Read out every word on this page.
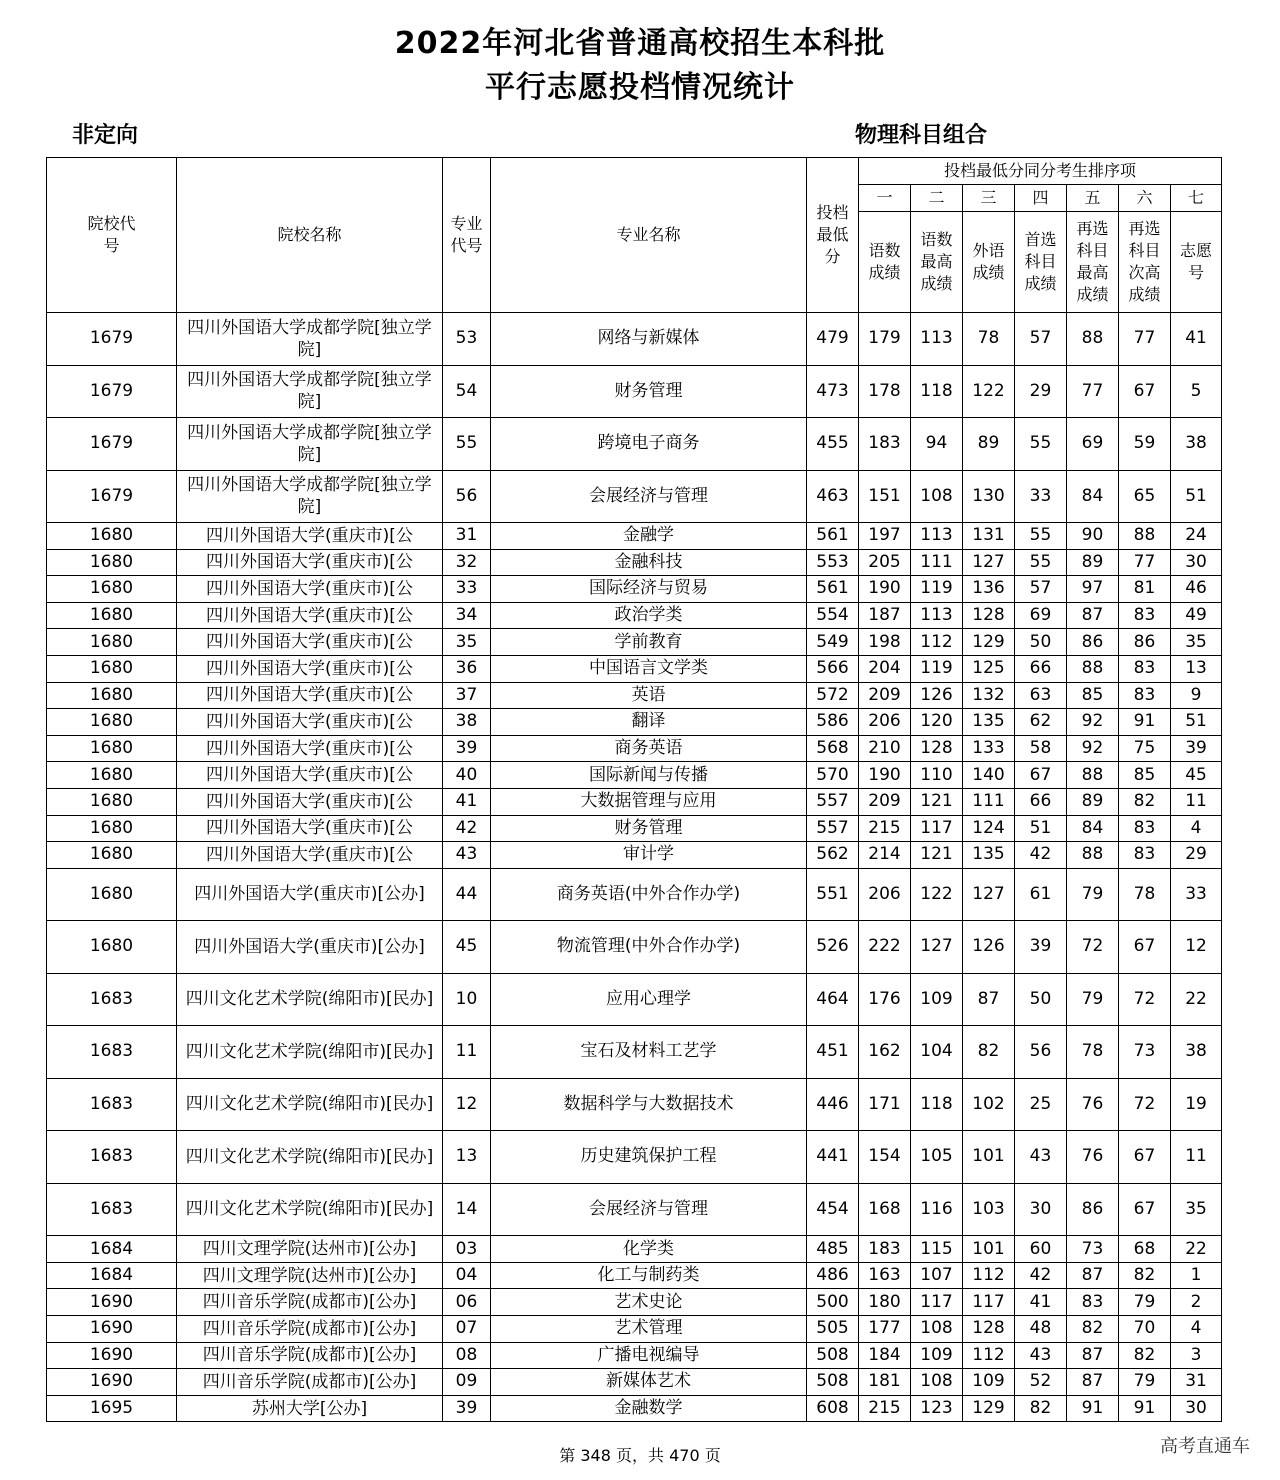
2022年河北省普通高校招生本科批
平行志愿投档情况统计
非定向	物理科目组合
院校代号	院校名称	专业代号	专业名称	投档最低分	投档最低分同分考生排序项						
					一	二	三	四	五	六	七
					语数成绩	语数最高成绩	外语成绩	首选科目成绩	再选科目最高成绩	再选科目次高成绩	志愿号
1679	四川外国语大学成都学院[独立学院]	53	网络与新媒体	479	179	113	78	57	88	77	41
1679	四川外国语大学成都学院[独立学院]	54	财务管理	473	178	118	122	29	77	67	5
1679	四川外国语大学成都学院[独立学院]	55	跨境电子商务	455	183	94	89	55	69	59	38
1679	四川外国语大学成都学院[独立学院]	56	会展经济与管理	463	151	108	130	33	84	65	51
1680	四川外国语大学(重庆市)[公	31	金融学	561	197	113	131	55	90	88	24
1680	四川外国语大学(重庆市)[公	32	金融科技	553	205	111	127	55	89	77	30
1680	四川外国语大学(重庆市)[公	33	国际经济与贸易	561	190	119	136	57	97	81	46
1680	四川外国语大学(重庆市)[公	34	政治学类	554	187	113	128	69	87	83	49
1680	四川外国语大学(重庆市)[公	35	学前教育	549	198	112	129	50	86	86	35
1680	四川外国语大学(重庆市)[公	36	中国语言文学类	566	204	119	125	66	88	83	13
1680	四川外国语大学(重庆市)[公	37	英语	572	209	126	132	63	85	83	9
1680	四川外国语大学(重庆市)[公	38	翻译	586	206	120	135	62	92	91	51
1680	四川外国语大学(重庆市)[公	39	商务英语	568	210	128	133	58	92	75	39
1680	四川外国语大学(重庆市)[公	40	国际新闻与传播	570	190	110	140	67	88	85	45
1680	四川外国语大学(重庆市)[公	41	大数据管理与应用	557	209	121	111	66	89	82	11
1680	四川外国语大学(重庆市)[公	42	财务管理	557	215	117	124	51	84	83	4
1680	四川外国语大学(重庆市)[公	43	审计学	562	214	121	135	42	88	83	29
1680	四川外国语大学(重庆市)[公办]	44	商务英语(中外合作办学)	551	206	122	127	61	79	78	33
1680	四川外国语大学(重庆市)[公办]	45	物流管理(中外合作办学)	526	222	127	126	39	72	67	12
1683	四川文化艺术学院(绵阳市)[民办]	10	应用心理学	464	176	109	87	50	79	72	22
1683	四川文化艺术学院(绵阳市)[民办]	11	宝石及材料工艺学	451	162	104	82	56	78	73	38
1683	四川文化艺术学院(绵阳市)[民办]	12	数据科学与大数据技术	446	171	118	102	25	76	72	19
1683	四川文化艺术学院(绵阳市)[民办]	13	历史建筑保护工程	441	154	105	101	43	76	67	11
1683	四川文化艺术学院(绵阳市)[民办]	14	会展经济与管理	454	168	116	103	30	86	67	35
1684	四川文理学院(达州市)[公办]	03	化学类	485	183	115	101	60	73	68	22
1684	四川文理学院(达州市)[公办]	04	化工与制药类	486	163	107	112	42	87	82	1
1690	四川音乐学院(成都市)[公办]	06	艺术史论	500	180	117	117	41	83	79	2
1690	四川音乐学院(成都市)[公办]	07	艺术管理	505	177	108	128	48	82	70	4
1690	四川音乐学院(成都市)[公办]	08	广播电视编导	508	184	109	112	43	87	82	3
1690	四川音乐学院(成都市)[公办]	09	新媒体艺术	508	181	108	109	52	87	79	31
1695	苏州大学[公办]	39	金融数学	608	215	123	129	82	91	91	30
第 348 页，共 470 页	高考直通车
